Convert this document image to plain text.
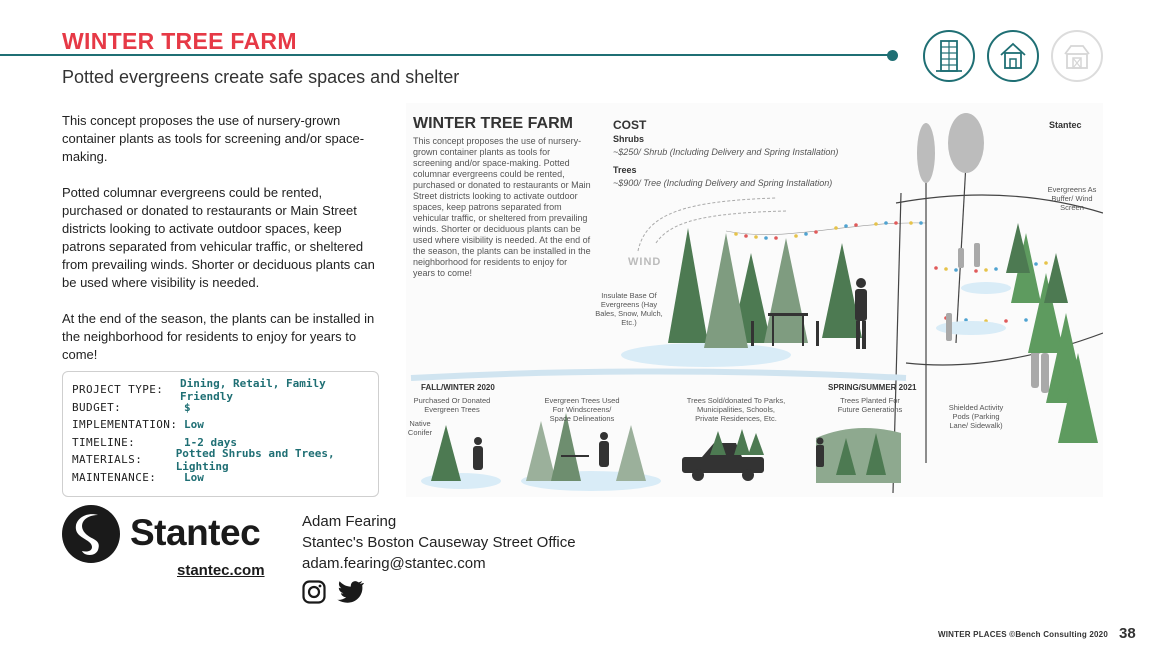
WINTER TREE FARM
Potted evergreens create safe spaces and shelter

This concept proposes the use of nursery-grown container plants as tools for screening and/or space-making.

Potted columnar evergreens could be rented, purchased or donated to restaurants or Main Street districts looking to activate outdoor spaces, keep patrons separated from vehicular traffic, or sheltered from prevailing winds. Shorter or deciduous plants can be used where visibility is needed.

At the end of the season, the plants can be installed in the neighborhood for residents to enjoy for years to come!

PROJECT TYPE:	Dining, Retail, Family Friendly
BUDGET:	$
IMPLEMENTATION: Low
TIMELINE:	1-2 days
MATERIALS:	Potted Shrubs and Trees, Lighting
MAINTENANCE:	Low
Stantec
stantec.com
Adam Fearing
Stantec's Boston Causeway Street Office
adam.fearing@stantec.com
WINTER PLACES ©Bench Consulting 2020 38
WINTER TREE FARM
This concept proposes the use of nursery-grown container plants as tools for screening and/or space-making. Potted columnar evergreens could be rented, purchased or donated to restaurants or Main Street districts looking to activate outdoor spaces, keep patrons separated from vehicular traffic, or sheltered from prevailing winds. Shorter or deciduous plants can be used where visibility is needed. At the end of the season, the plants can be installed in the neighborhood for residents to enjoy for years to come!
COST
Shrubs
~$250/ Shrub (Including Delivery and Spring Installation)
Trees
~$900/ Tree (Including Delivery and Spring Installation)
Stantec
WIND
Insulate Base Of Evergreens (Hay Bales, Snow, Mulch, Etc.)
Evergreens As Buffer/ Wind Screen
Shielded Activity Pods (Parking Lane/ Sidewalk)
FALL/WINTER 2020	SPRING/SUMMER 2021
Native Conifer
Purchased Or Donated Evergreen Trees
Evergreen Trees Used For Windscreens/ Space Delineations
Trees Sold/donated To Parks, Municipalities, Schools, Private Residences, Etc.
Trees Planted For Future Generations
